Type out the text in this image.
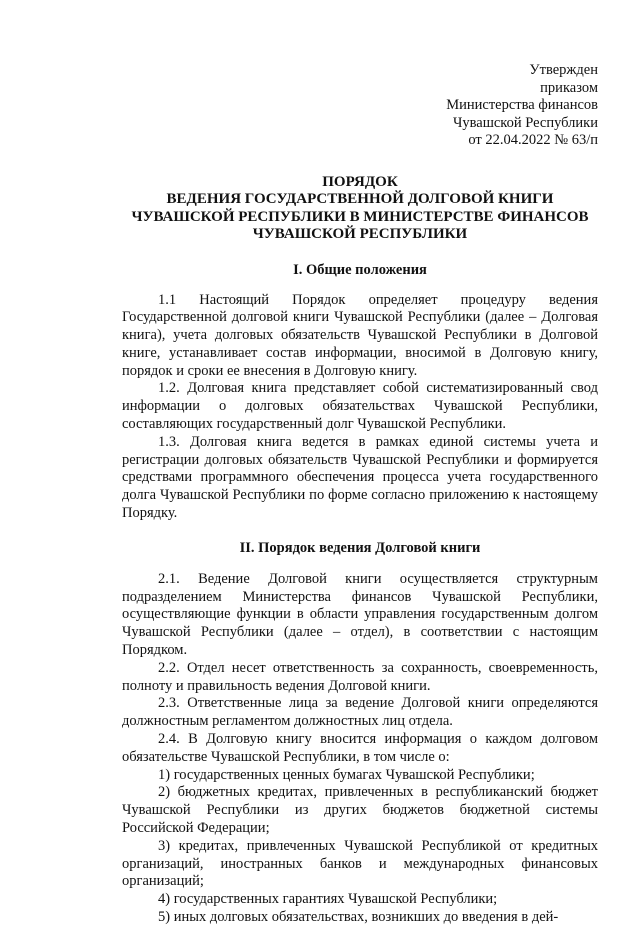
Утвержден
приказом
Министерства финансов
Чувашской Республики
от 22.04.2022 № 63/п
ПОРЯДОК
ВЕДЕНИЯ ГОСУДАРСТВЕННОЙ ДОЛГОВОЙ КНИГИ
ЧУВАШСКОЙ РЕСПУБЛИКИ В МИНИСТЕРСТВЕ ФИНАНСОВ
ЧУВАШСКОЙ РЕСПУБЛИКИ
I. Общие положения

1.1 Настоящий Порядок определяет процедуру ведения Государственной долговой книги Чувашской Республики (далее – Долговая книга), учета долговых обязательств Чувашской Республики в Долговой книге, устанавливает состав информации, вносимой в Долговую книгу, порядок и сроки ее внесения в Долговую книгу.

1.2. Долговая книга представляет собой систематизированный свод информации о долговых обязательствах Чувашской Республики, составляющих государственный долг Чувашской Республики.

1.3. Долговая книга ведется в рамках единой системы учета и регистрации долговых обязательств Чувашской Республики и формируется средствами программного обеспечения процесса учета государственного долга Чувашской Республики по форме согласно приложению к настоящему Порядку.

II. Порядок ведения Долговой книги

2.1. Ведение Долговой книги осуществляется структурным подразделением Министерства финансов Чувашской Республики, осуществляющие функции в области управления государственным долгом Чувашской Республики (далее – отдел), в соответствии с настоящим Порядком.

2.2. Отдел несет ответственность за сохранность, своевременность, полноту и правильность ведения Долговой книги.

2.3. Ответственные лица за ведение Долговой книги определяются должностным регламентом должностных лиц отдела.

2.4. В Долговую книгу вносится информация о каждом долговом обязательстве Чувашской Республики, в том числе о:

1) государственных ценных бумагах Чувашской Республики;

2) бюджетных кредитах, привлеченных в республиканский бюджет Чувашской Республики из других бюджетов бюджетной системы Российской Федерации;

3) кредитах, привлеченных Чувашской Республикой от кредитных организаций, иностранных банков и международных финансовых организаций;

4) государственных гарантиях Чувашской Республики;

5) иных долговых обязательствах, возникших до введения в дей-
